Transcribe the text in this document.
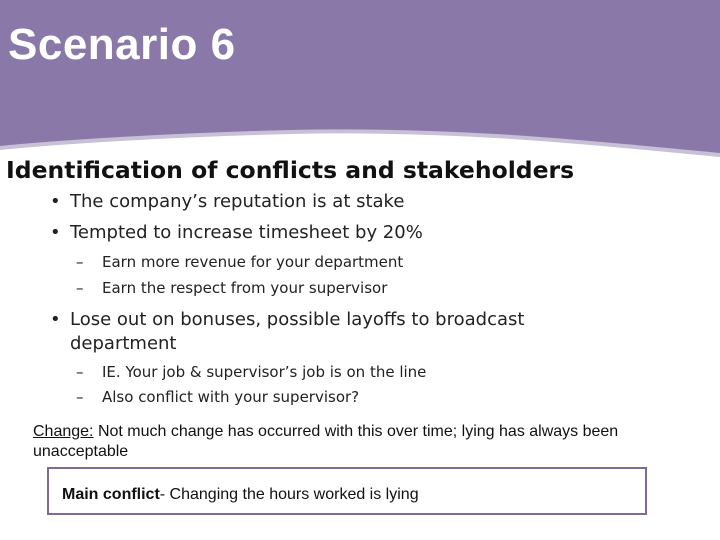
Scenario 6
Identification of conflicts and stakeholders
• The company’s reputation is at stake
• Tempted to increase timesheet by 20%
– Earn more revenue for your department
– Earn the respect from your supervisor
• Lose out on bonuses, possible layoffs to broadcast department
– IE. Your job & supervisor’s job is on the line
– Also conflict with your supervisor?
Change: Not much change has occurred with this over time; lying has always been unacceptable
Main conflict- Changing the hours worked is lying
